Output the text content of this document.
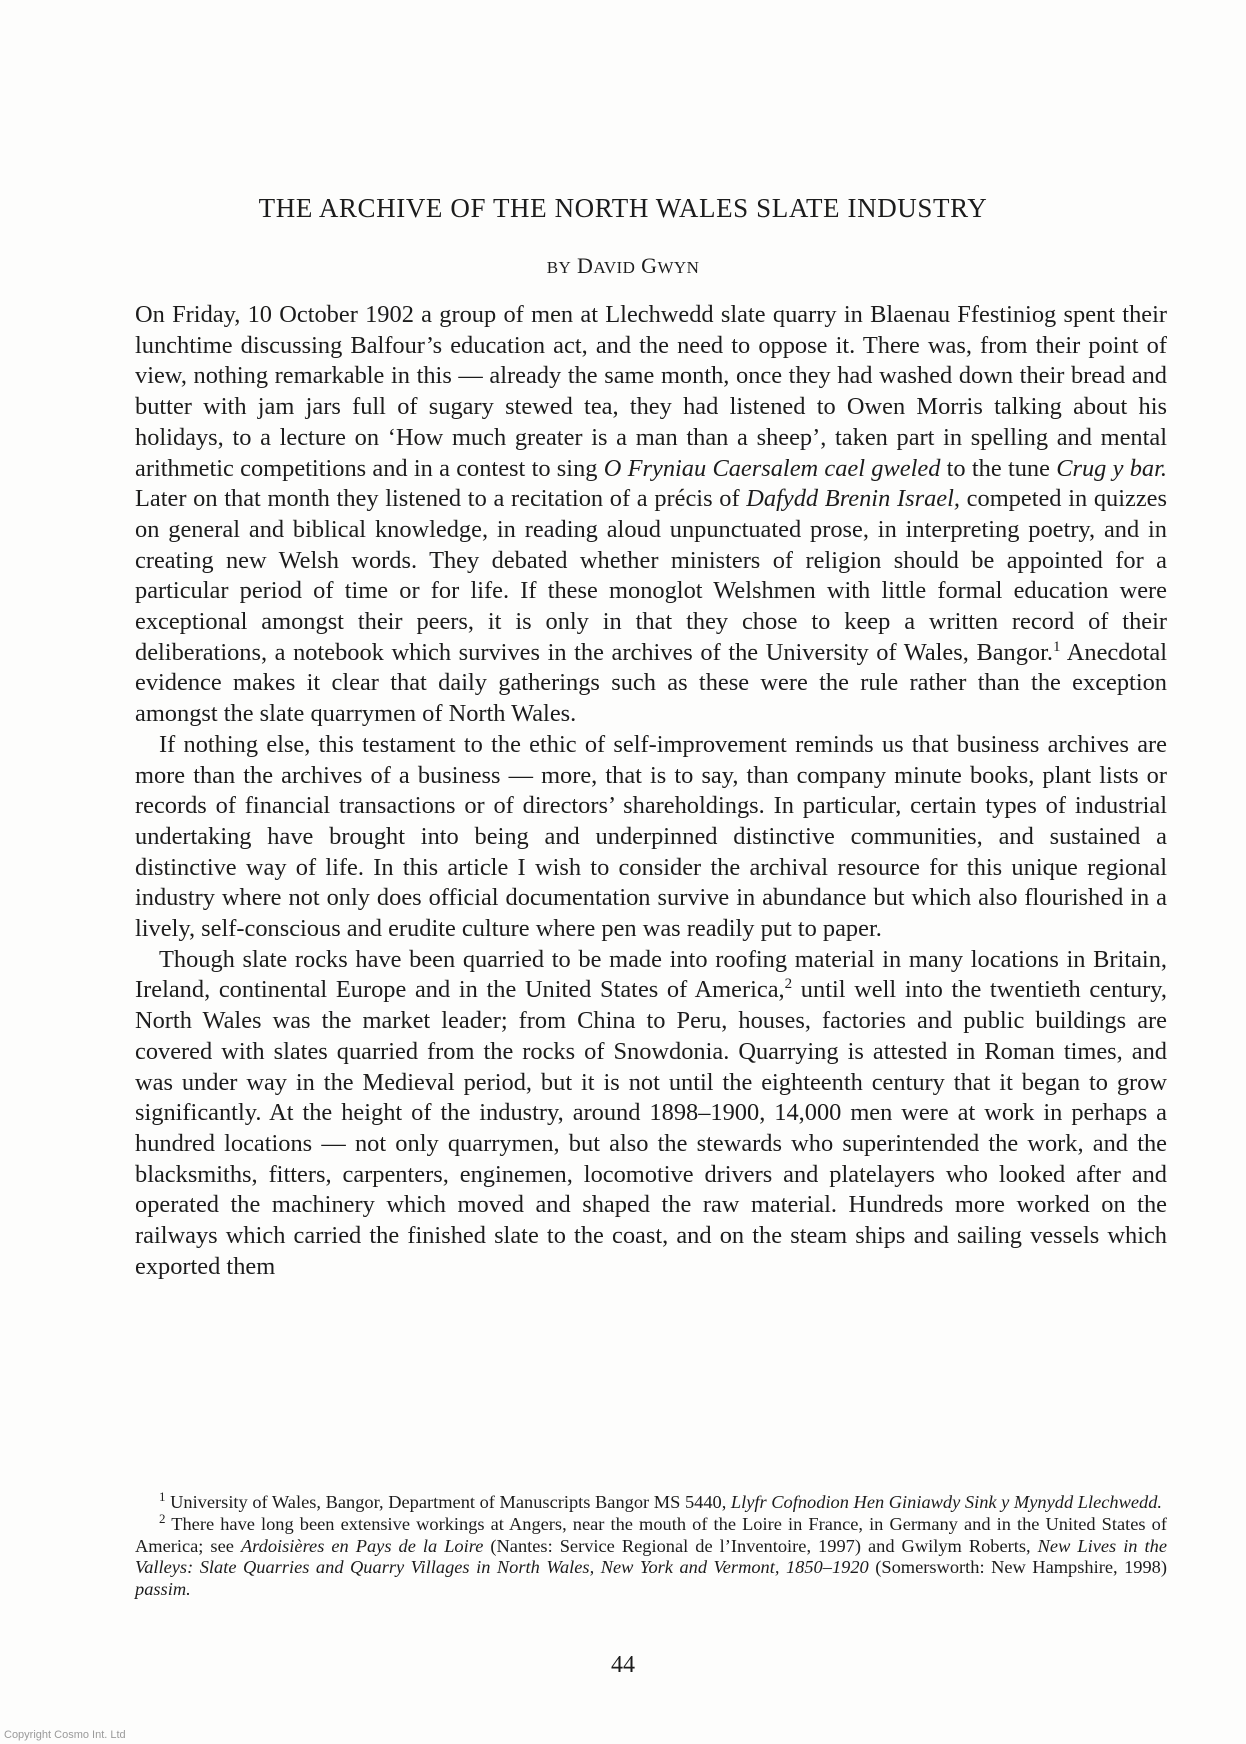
THE ARCHIVE OF THE NORTH WALES SLATE INDUSTRY
BY DAVID GWYN

On Friday, 10 October 1902 a group of men at Llechwedd slate quarry in Blaenau Ffestiniog spent their lunchtime discussing Balfour’s education act, and the need to oppose it. There was, from their point of view, nothing remarkable in this — already the same month, once they had washed down their bread and butter with jam jars full of sugary stewed tea, they had listened to Owen Morris talking about his holidays, to a lecture on ‘How much greater is a man than a sheep’, taken part in spelling and mental arithmetic competitions and in a contest to sing O Fryniau Caersalem cael gweled to the tune Crug y bar. Later on that month they listened to a recitation of a précis of Dafydd Brenin Israel, competed in quizzes on general and biblical knowledge, in reading aloud unpunctuated prose, in interpreting poetry, and in creating new Welsh words. They debated whether ministers of religion should be appointed for a particular period of time or for life. If these monoglot Welshmen with little formal education were exceptional amongst their peers, it is only in that they chose to keep a written record of their deliberations, a notebook which survives in the archives of the University of Wales, Bangor.$^1$ Anecdotal evidence makes it clear that daily gatherings such as these were the rule rather than the exception amongst the slate quarrymen of North Wales.

If nothing else, this testament to the ethic of self-improvement reminds us that business archives are more than the archives of a business — more, that is to say, than company minute books, plant lists or records of financial transactions or of directors’ shareholdings. In particular, certain types of industrial undertaking have brought into being and underpinned distinctive communities, and sustained a distinctive way of life. In this article I wish to consider the archival resource for this unique regional industry where not only does official documentation survive in abundance but which also flourished in a lively, self-conscious and erudite culture where pen was readily put to paper.

Though slate rocks have been quarried to be made into roofing material in many locations in Britain, Ireland, continental Europe and in the United States of America,$^2$ until well into the twentieth century, North Wales was the market leader; from China to Peru, houses, factories and public buildings are covered with slates quarried from the rocks of Snowdonia. Quarrying is attested in Roman times, and was under way in the Medieval period, but it is not until the eighteenth century that it began to grow significantly. At the height of the industry, around 1898–1900, 14,000 men were at work in perhaps a hundred locations — not only quarrymen, but also the stewards who superintended the work, and the blacksmiths, fitters, carpenters, enginemen, locomotive drivers and platelayers who looked after and operated the machinery which moved and shaped the raw material. Hundreds more worked on the railways which carried the finished slate to the coast, and on the steam ships and sailing vessels which exported them

$^1$ University of Wales, Bangor, Department of Manuscripts Bangor MS 5440, Llyfr Cofnodion Hen Giniawdy Sink y Mynydd Llechwedd.

$^2$ There have long been extensive workings at Angers, near the mouth of the Loire in France, in Germany and in the United States of America; see Ardoisières en Pays de la Loire (Nantes: Service Regional de l’Inventoire, 1997) and Gwilym Roberts, New Lives in the Valleys: Slate Quarries and Quarry Villages in North Wales, New York and Vermont, 1850–1920 (Somersworth: New Hampshire, 1998) passim.

44
Copyright Cosmo Int. Ltd
